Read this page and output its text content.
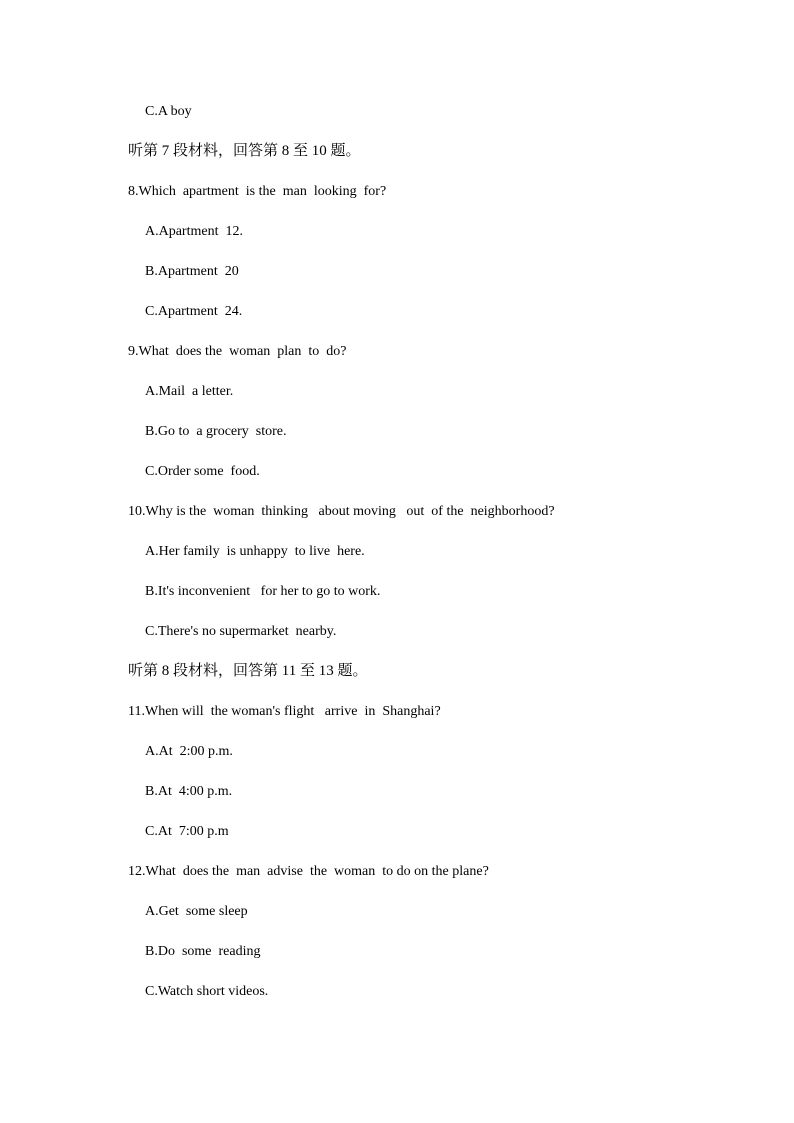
C.A boy
听第 7 段材料，回答第 8 至 10 题。
8.Which  apartment  is the  man  looking  for?
A.Apartment  12.
B.Apartment  20
C.Apartment  24.
9.What  does the  woman  plan  to  do?
A.Mail  a letter.
B.Go to  a grocery  store.
C.Order some  food.
10.Why is the  woman  thinking   about moving   out  of the  neighborhood?
A.Her family  is unhappy  to live  here.
B.It's inconvenient   for her to go to work.
C.There's no supermarket  nearby.
听第 8 段材料，回答第 11 至 13 题。
11.When will  the woman's flight   arrive  in  Shanghai?
A.At  2:00 p.m.
B.At  4:00 p.m.
C.At  7:00 p.m
12.What  does the  man  advise  the  woman  to do on the plane?
A.Get  some sleep
B.Do  some  reading
C.Watch short videos.
